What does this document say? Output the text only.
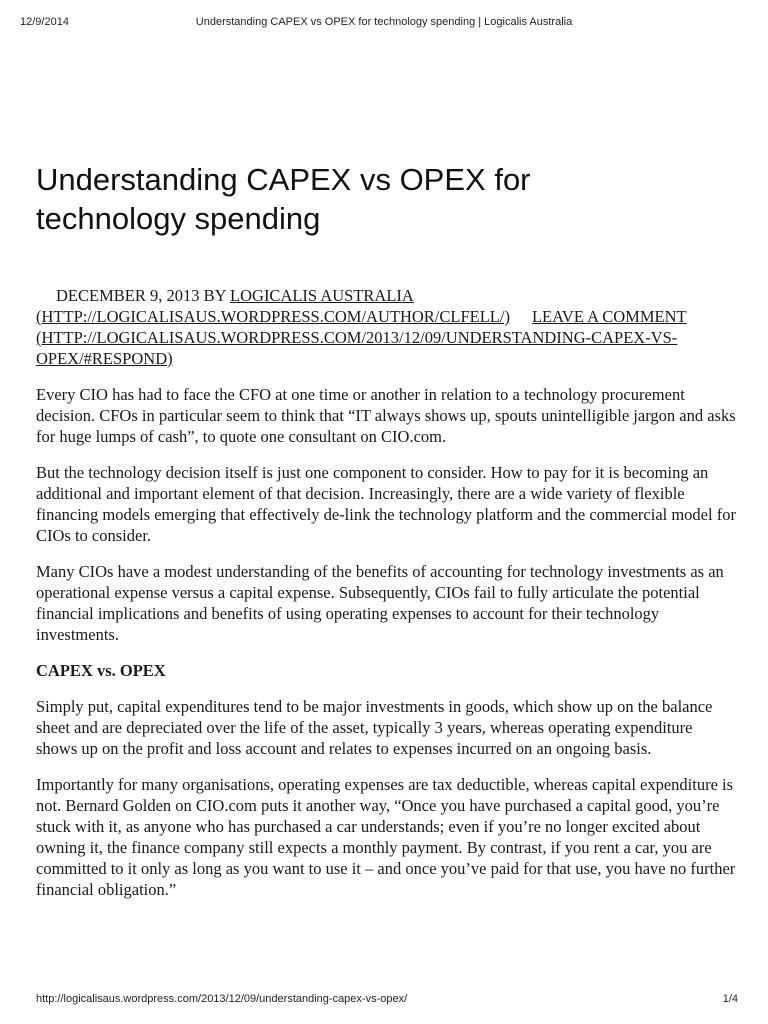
12/9/2014	Understanding CAPEX vs OPEX for technology spending | Logicalis Australia
Understanding CAPEX vs OPEX for technology spending
DECEMBER 9, 2013 BY LOGICALIS AUSTRALIA
(HTTP://LOGICALISAUS.WORDPRESS.COM/AUTHOR/CLFELL/) LEAVE A COMMENT
(HTTP://LOGICALISAUS.WORDPRESS.COM/2013/12/09/UNDERSTANDING-CAPEX-VS-OPEX/#RESPOND)

Every CIO has had to face the CFO at one time or another in relation to a technology procurement decision. CFOs in particular seem to think that “IT always shows up, spouts unintelligible jargon and asks for huge lumps of cash”, to quote one consultant on CIO.com.

But the technology decision itself is just one component to consider. How to pay for it is becoming an additional and important element of that decision. Increasingly, there are a wide variety of flexible financing models emerging that effectively de-link the technology platform and the commercial model for CIOs to consider.

Many CIOs have a modest understanding of the benefits of accounting for technology investments as an operational expense versus a capital expense. Subsequently, CIOs fail to fully articulate the potential financial implications and benefits of using operating expenses to account for their technology investments.

CAPEX vs. OPEX

Simply put, capital expenditures tend to be major investments in goods, which show up on the balance sheet and are depreciated over the life of the asset, typically 3 years, whereas operating expenditure shows up on the profit and loss account and relates to expenses incurred on an ongoing basis.

Importantly for many organisations, operating expenses are tax deductible, whereas capital expenditure is not. Bernard Golden on CIO.com puts it another way, “Once you have purchased a capital good, you’re stuck with it, as anyone who has purchased a car understands; even if you’re no longer excited about owning it, the finance company still expects a monthly payment. By contrast, if you rent a car, you are committed to it only as long as you want to use it – and once you’ve paid for that use, you have no further financial obligation.”

http://logicalisaus.wordpress.com/2013/12/09/understanding-capex-vs-opex/	1/4
